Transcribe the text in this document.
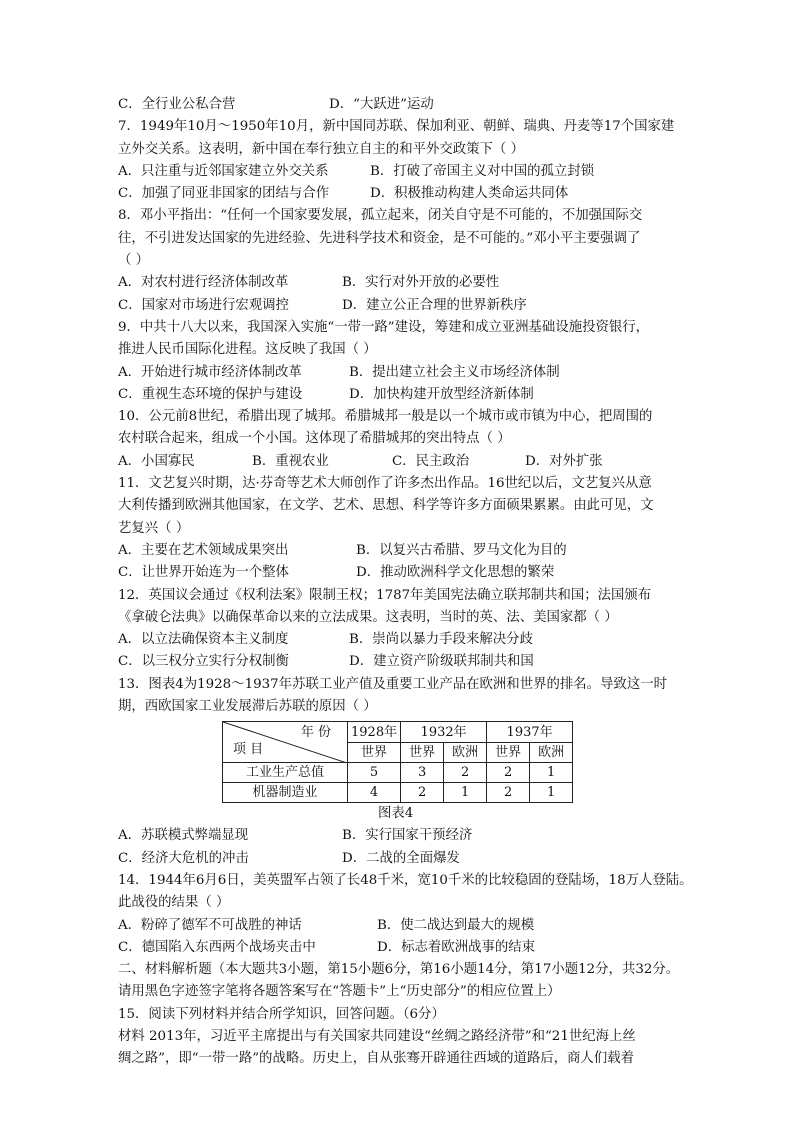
C．全行业公私合营	D．“大跃进”运动
7．1949年10月～1950年10月，新中国同苏联、保加利亚、朝鲜、瑞典、丹麦等17个国家建
立外交关系。这表明，新中国在奉行独立自主的和平外交政策下（ ）
A．只注重与近邻国家建立外交关系	B．打破了帝国主义对中国的孤立封锁
C．加强了同亚非国家的团结与合作	D．积极推动构建人类命运共同体
8．邓小平指出：“任何一个国家要发展，孤立起来，闭关自守是不可能的，不加强国际交
往，不引进发达国家的先进经验、先进科学技术和资金，是不可能的。”邓小平主要强调了
（ ）
A．对农村进行经济体制改革	B．实行对外开放的必要性
C．国家对市场进行宏观调控	D．建立公正合理的世界新秩序
9．中共十八大以来，我国深入实施“一带一路”建设，筹建和成立亚洲基础设施投资银行，
推进人民币国际化进程。这反映了我国（ ）
A．开始进行城市经济体制改革	B．提出建立社会主义市场经济体制
C．重视生态环境的保护与建设	D．加快构建开放型经济新体制
10．公元前8世纪，希腊出现了城邦。希腊城邦一般是以一个城市或市镇为中心，把周围的
农村联合起来，组成一个小国。这体现了希腊城邦的突出特点（ ）
A．小国寡民	B．重视农业	C．民主政治	D．对外扩张
11．文艺复兴时期，达·芬奇等艺术大师创作了许多杰出作品。16世纪以后，文艺复兴从意
大利传播到欧洲其他国家，在文学、艺术、思想、科学等许多方面硕果累累。由此可见，文
艺复兴（ ）
A．主要在艺术领域成果突出	B．以复兴古希腊、罗马文化为目的
C．让世界开始连为一个整体	D．推动欧洲科学文化思想的繁荣
12．英国议会通过《权利法案》限制王权；1787年美国宪法确立联邦制共和国；法国颁布
《拿破仑法典》以确保革命以来的立法成果。这表明，当时的英、法、美国家都（ ）
A．以立法确保资本主义制度	B．崇尚以暴力手段来解决分歧
C．以三权分立实行分权制衡	D．建立资产阶级联邦制共和国
13．图表4为1928～1937年苏联工业产值及重要工业产品在欧洲和世界的排名。导致这一时
期，西欧国家工业发展滞后苏联的原因（ ）
年 份
项 目	1928年	1932年		1937年	
	世界	世界	欧洲	世界	欧洲
工业生产总值	5	3	2	2	1
机器制造业	4	2	1	2	1
图表4
A．苏联模式弊端显现	B．实行国家干预经济
C．经济大危机的冲击	D．二战的全面爆发
14．1944年6月6日，美英盟军占领了长48千米，宽10千米的比较稳固的登陆场，18万人登陆。
此战役的结果（ ）
A．粉碎了德军不可战胜的神话	B．使二战达到最大的规模
C．德国陷入东西两个战场夹击中	D．标志着欧洲战事的结束
二、材料解析题（本大题共3小题，第15小题6分，第16小题14分，第17小题12分，共32分。
请用黑色字迹签字笔将各题答案写在“答题卡”上“历史部分”的相应位置上）
15．阅读下列材料并结合所学知识，回答问题。（6分）
材料 2013年，习近平主席提出与有关国家共同建设“丝绸之路经济带”和“21世纪海上丝
绸之路”，即“一带一路”的战略。历史上，自从张骞开辟通往西域的道路后，商人们载着
